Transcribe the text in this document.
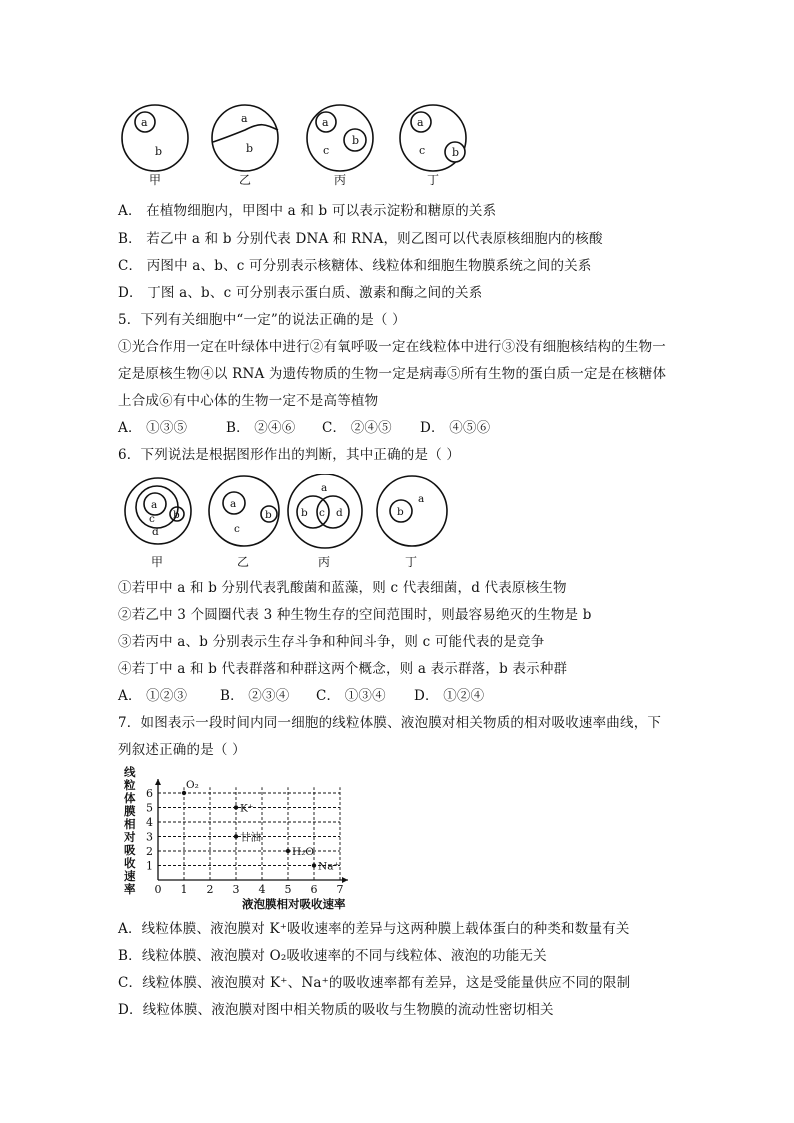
a
b
a
b
a
b
c
a
b
c
甲	乙	丙	丁
A． 在植物细胞内，甲图中 a 和 b 可以表示淀粉和糖原的关系
B． 若乙中 a 和 b 分别代表 DNA 和 RNA，则乙图可以代表原核细胞内的核酸
C． 丙图中 a、b、c 可分别表示核糖体、线粒体和细胞生物膜系统之间的关系
D． 丁图 a、b、c 可分别表示蛋白质、激素和酶之间的关系
5．下列有关细胞中“一定”的说法正确的是（ ）
①光合作用一定在叶绿体中进行②有氧呼吸一定在线粒体中进行③没有细胞核结构的生物一
定是原核生物④以 RNA 为遗传物质的生物一定是病毒⑤所有生物的蛋白质一定是在核糖体
上合成⑥有中心体的生物一定不是高等植物
A． ①③⑤	B． ②④⑥ C． ②④⑤ D． ④⑤⑥
6．下列说法是根据图形作出的判断，其中正确的是（ ）
a
b
c
d
a
b
c
a
b c d
a
b
甲	乙	丙	丁
①若甲中 a 和 b 分别代表乳酸菌和蓝藻，则 c 代表细菌，d 代表原核生物
②若乙中 3 个圆圈代表 3 种生物生存的空间范围时，则最容易绝灭的生物是 b
③若丙中 a、b 分别表示生存斗争和种间斗争，则 c 可能代表的是竞争
④若丁中 a 和 b 代表群落和种群这两个概念，则 a 表示群落，b 表示种群
A． ①②③ B． ②③④ C． ①③④ D． ①②④
7．如图表示一段时间内同一细胞的线粒体膜、液泡膜对相关物质的相对吸收速率曲线，下
列叙述正确的是（ ）
0 1 2 3 4 5 6 7
1
2
3
4
5
6
O₂
K⁺
甘油
H₂O
Na⁺
线粒体膜相对吸收速率
液泡膜相对吸收速率
A．线粒体膜、液泡膜对 K⁺吸收速率的差异与这两种膜上载体蛋白的种类和数量有关
B．线粒体膜、液泡膜对 O₂吸收速率的不同与线粒体、液泡的功能无关
C．线粒体膜、液泡膜对 K⁺、Na⁺的吸收速率都有差异，这是受能量供应不同的限制
D．线粒体膜、液泡膜对图中相关物质的吸收与生物膜的流动性密切相关
